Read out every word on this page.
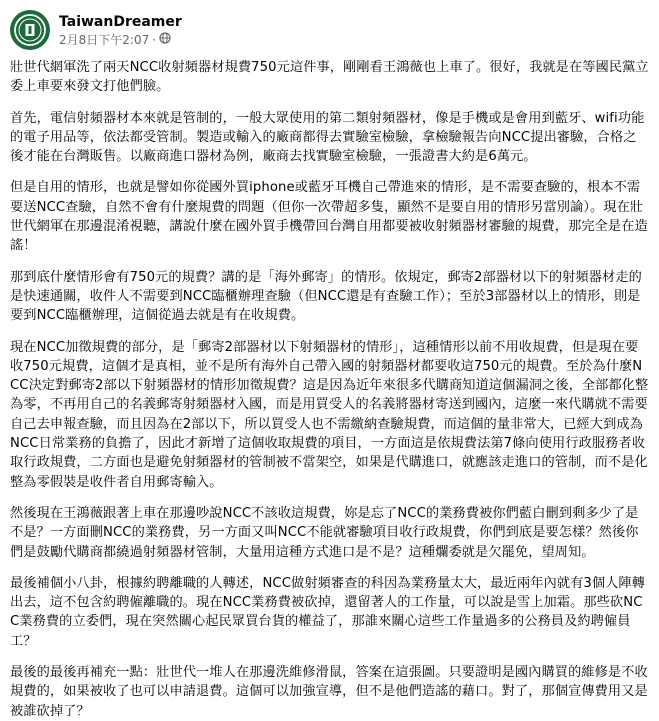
TaiwanDreamer
2月8日下午2:07 ·

壯世代網軍洗了兩天NCC收射頻器材規費750元這件事，剛剛看王鴻薇也上車了。很好，我就是在等國民黨立委上車要來發文打他們臉。

首先，電信射頻器材本來就是管制的，一般大眾使用的第二類射頻器材，像是手機或是會用到藍牙、wifi功能的電子用品等，依法都受管制。製造或輸入的廠商都得去實驗室檢驗，拿檢驗報告向NCC提出審驗，合格之後才能在台灣販售。以廠商進口器材為例，廠商去找實驗室檢驗，一張證書大約是6萬元。

但是自用的情形，也就是譬如你從國外買iphone或藍牙耳機自己帶進來的情形，是不需要查驗的，根本不需要送NCC查驗，自然不會有什麼規費的問題（但你一次帶超多隻，顯然不是要自用的情形另當別論）。現在壯世代網軍在那邊混淆視聽，講說什麼在國外買手機帶回台灣自用都要被收射頻器材審驗的規費，那完全是在造謠！

那到底什麼情形會有750元的規費？講的是「海外郵寄」的情形。依規定，郵寄2部器材以下的射頻器材走的是快速通關，收件人不需要到NCC臨櫃辦理查驗（但NCC還是有查驗工作）；至於3部器材以上的情形，則是要到NCC臨櫃辦理，這個從過去就是有在收規費。

現在NCC加徵規費的部分，是「郵寄2部器材以下射頻器材的情形」，這種情形以前不用收規費，但是現在要收750元規費，這個才是真相，並不是所有海外自己帶入國的射頻器材都要收這750元的規費。至於為什麼NCC決定對郵寄2部以下射頻器材的情形加徵規費？這是因為近年來很多代購商知道這個漏洞之後，全部都化整為零，不再用自己的名義郵寄射頻器材入國，而是用買受人的名義將器材寄送到國內，這麼一來代購就不需要自己去申報查驗，而且因為在2部以下，所以買受人也不需繳納查驗規費，而這個的量非常大，已經大到成為NCC日常業務的負擔了，因此才新增了這個收取規費的項目，一方面這是依規費法第7條向使用行政服務者收取行政規費，二方面也是避免射頻器材的管制被不當架空，如果是代購進口，就應該走進口的管制，而不是化整為零假裝是收件者自用郵寄輸入。

然後現在王鴻薇跟著上車在那邊吵說NCC不該收這規費，妳是忘了NCC的業務費被你們藍白刪到剩多少了是不是？一方面刪NCC的業務費，另一方面又叫NCC不能就審驗項目收行政規費，你們到底是要怎樣？然後你們是鼓勵代購商都繞過射頻器材管制，大量用這種方式進口是不是？這種爛委就是欠罷免，望周知。

最後補個小八卦，根據約聘離職的人轉述，NCC做射頻審查的科因為業務量太大，最近兩年內就有3個人陣轉出去，這不包含約聘僱離職的。現在NCC業務費被砍掉，還留著人的工作量，可以說是雪上加霜。那些砍NCC業務費的立委們，現在突然關心起民眾買台貨的權益了，那誰來關心這些工作量過多的公務員及約聘僱員工？

最後的最後再補充一點：壯世代一堆人在那邊洗維修滑鼠，答案在這張圖。只要證明是國內購買的維修是不收規費的，如果被收了也可以申請退費。這個可以加強宣導，但不是他們造謠的藉口。對了，那個宣傳費用又是被誰砍掉了？
